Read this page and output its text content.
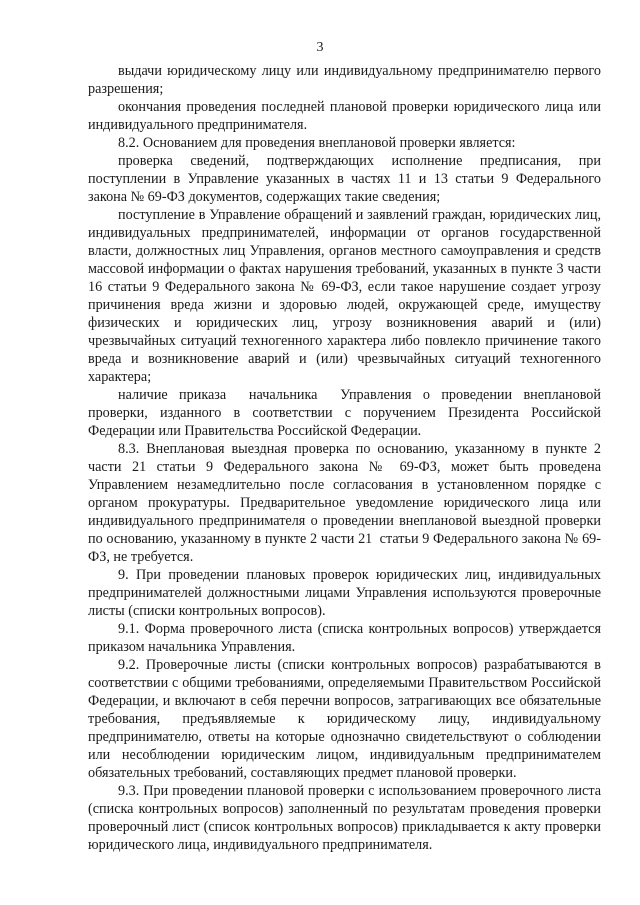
3

выдачи юридическому лицу или индивидуальному предпринимателю первого разрешения;

окончания проведения последней плановой проверки юридического лица или индивидуального предпринимателя.

8.2. Основанием для проведения внеплановой проверки является:

проверка сведений, подтверждающих исполнение предписания, при поступлении в Управление указанных в частях 11 и 13 статьи 9 Федерального закона № 69-ФЗ документов, содержащих такие сведения;

поступление в Управление обращений и заявлений граждан, юридических лиц, индивидуальных предпринимателей, информации от органов государственной власти, должностных лиц Управления, органов местного самоуправления и средств массовой информации о фактах нарушения требований, указанных в пункте 3 части 16 статьи 9 Федерального закона № 69-ФЗ, если такое нарушение создает угрозу причинения вреда жизни и здоровью людей, окружающей среде, имуществу физических и юридических лиц, угрозу возникновения аварий и (или) чрезвычайных ситуаций техногенного характера либо повлекло причинение такого вреда и возникновение аварий и (или) чрезвычайных ситуаций техногенного характера;

наличие приказа  начальника  Управления о проведении внеплановой проверки, изданного в соответствии с поручением Президента Российской Федерации или Правительства Российской Федерации.

8.3. Внеплановая выездная проверка по основанию, указанному в пункте 2 части 21 статьи 9 Федерального закона № 69-ФЗ, может быть проведена Управлением незамедлительно после согласования в установленном порядке с органом прокуратуры. Предварительное уведомление юридического лица или индивидуального предпринимателя о проведении внеплановой выездной проверки по основанию, указанному в пункте 2 части 21  статьи 9 Федерального закона № 69-ФЗ, не требуется.

9. При проведении плановых проверок юридических лиц, индивидуальных предпринимателей должностными лицами Управления используются проверочные листы (списки контрольных вопросов).

9.1. Форма проверочного листа (списка контрольных вопросов) утверждается  приказом начальника Управления.

9.2. Проверочные листы (списки контрольных вопросов) разрабатываются в соответствии с общими требованиями, определяемыми Правительством Российской Федерации, и включают в себя перечни вопросов, затрагивающих все обязательные требования, предъявляемые к юридическому лицу, индивидуальному предпринимателю, ответы на которые однозначно свидетельствуют о соблюдении или несоблюдении юридическим лицом, индивидуальным предпринимателем обязательных требований, составляющих предмет плановой проверки.

9.3. При проведении плановой проверки с использованием проверочного листа (списка контрольных вопросов) заполненный по результатам проведения проверки проверочный лист (список контрольных вопросов) прикладывается к акту проверки юридического лица, индивидуального предпринимателя.
